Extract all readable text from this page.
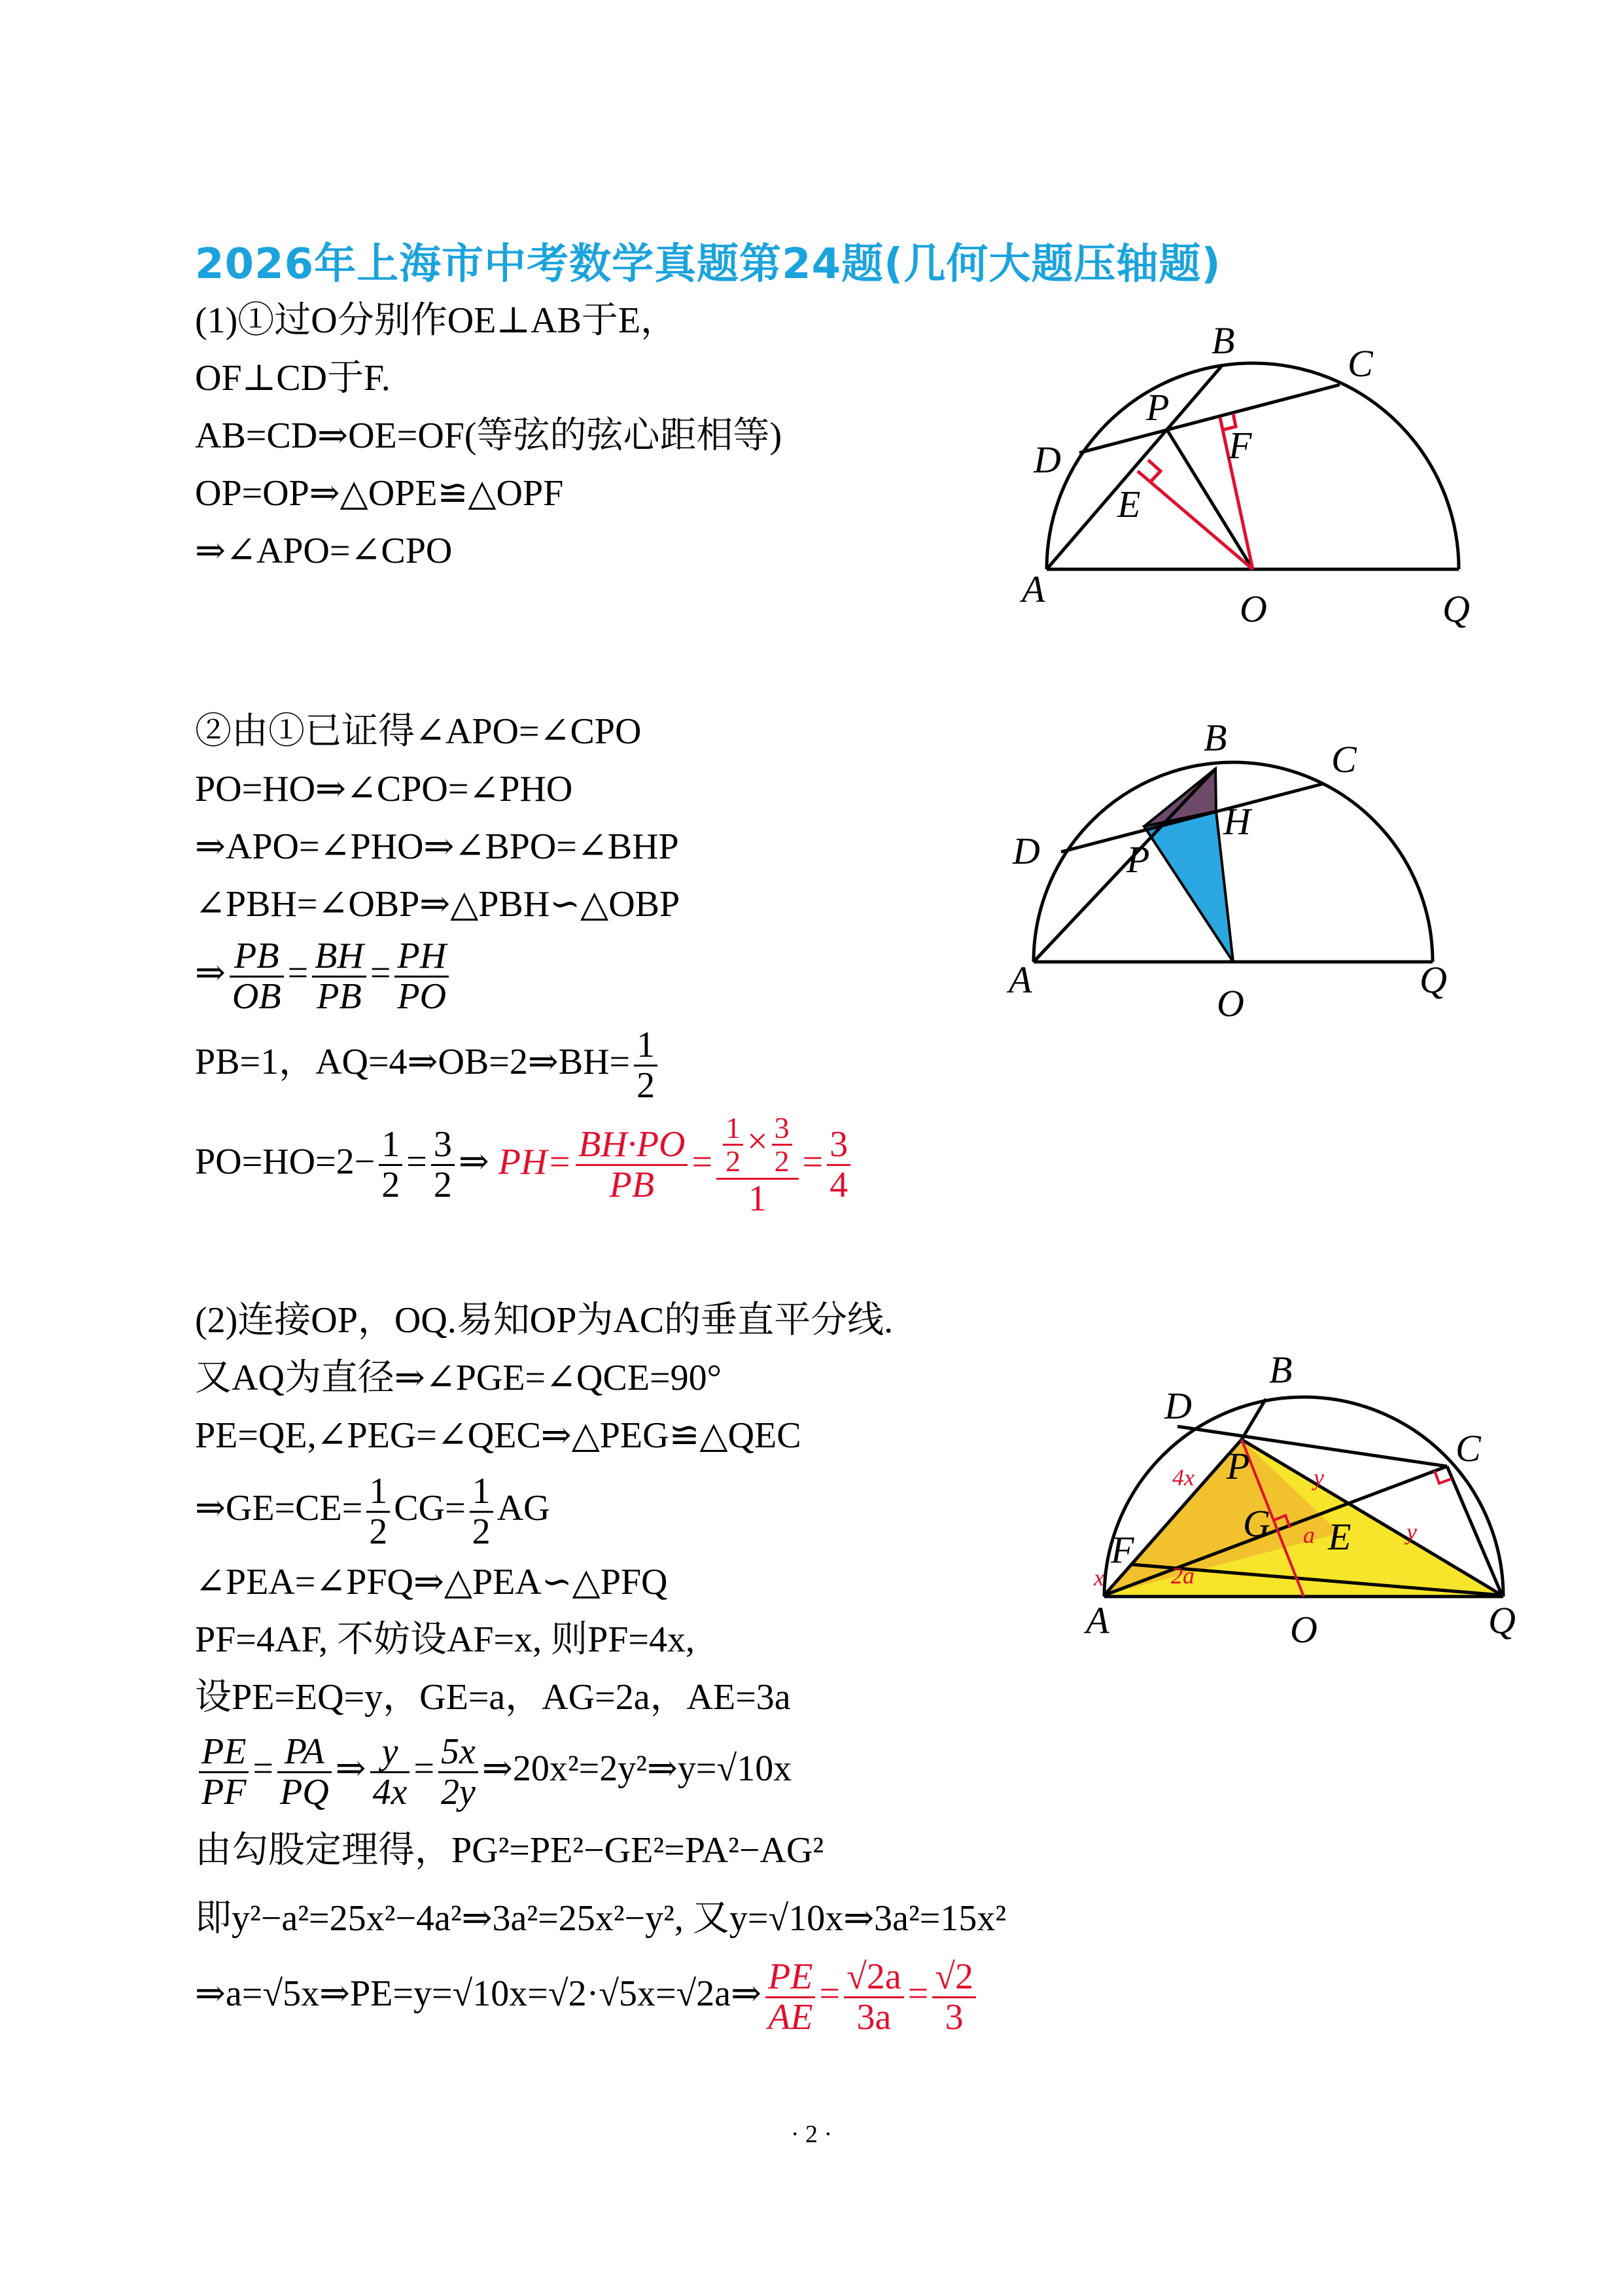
2026年上海市中考数学真题第24题(几何大题压轴题)
(1)①过O分别作OE⊥AB于E，
OF⊥CD于F.
AB=CD⇒OE=OF(等弦的弦心距相等)
OP=OP⇒△OPE≌△OPF
⇒∠APO=∠CPO
②由①已证得∠APO=∠CPO
PO=HO⇒∠CPO=∠PHO
⇒APO=∠PHO⇒∠BPO=∠BHP
∠PBH=∠OBP⇒△PBH∽△OBP
⇒ $\frac{PB}{OB} = \frac{BH}{PB} = \frac{PH}{PO}$
PB=1，AQ=4⇒OB=2⇒BH= $\frac{1}{2}$
$PO=HO=2- \frac{1}{2} = \frac{3}{2}$ ⇒ $PH= \frac{BH\cdot PO}{PB} = \frac{\frac{1}{2} \times \frac{3}{2}}{1} = \frac{3}{4}$
(2)连接OP，OQ.易知OP为AC的垂直平分线.
又AQ为直径⇒∠PGE=∠QCE=90°
PE=QE,∠PEG=∠QEC⇒△PEG≌△QEC
⇒GE=CE= $\frac{1}{2} CG= \frac{1}{2}$ AG
∠PEA=∠PFQ⇒△PEA∽△PFQ
PF=4AF, 不妨设AF=x, 则PF=4x,
设PE=EQ=y，GE=a，AG=2a，AE=3a
$\frac{PE}{PF} = \frac{PA}{PQ}$ ⇒ $\frac{y}{4x} = \frac{5x}{2y}$ ⇒20x²=2y²⇒y=√10x
由勾股定理得，PG²=PE²−GE²=PA²−AG²
即y²−a²=25x²−4a²⇒3a²=25x²−y², 又y=√10x⇒3a²=15x²
⇒a=√5x⇒PE=y=√10x=√2·√5x=√2a⇒ $\frac{PE}{AE} = \frac{√2a}{3a} = \frac{√2}{3}$
A	O	Q
B
C
D
P
E
F
A
O
Q
B
C
D P
H
A	O	Q
B
C
D
P
F
G E
x
4x	y
y
a
2a
· 2 ·
